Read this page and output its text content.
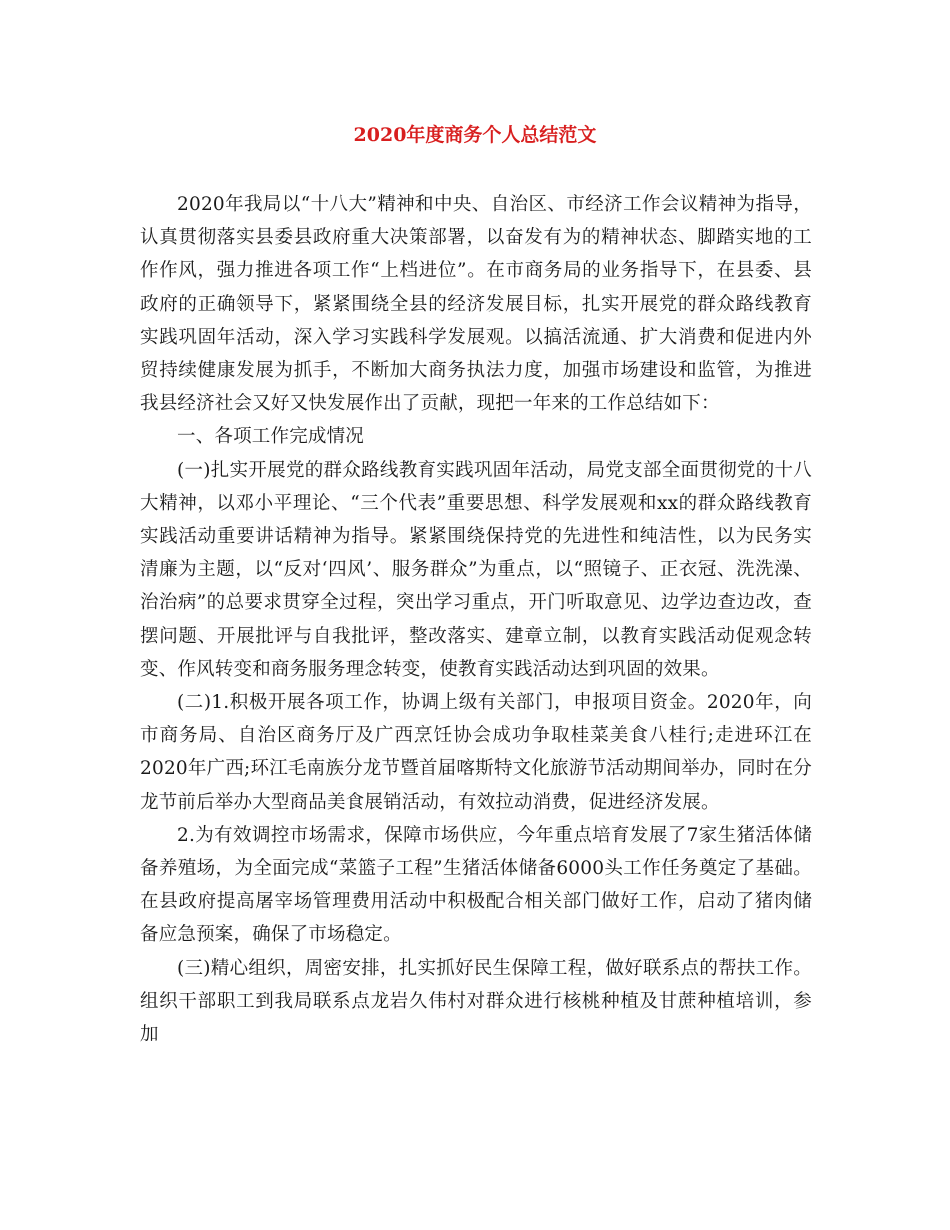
2020年度商务个人总结范文

2020年我局以“十八大”精神和中央、自治区、市经济工作会议精神为指导，认真贯彻落实县委县政府重大决策部署，以奋发有为的精神状态、脚踏实地的工作作风，强力推进各项工作“上档进位”。在市商务局的业务指导下，在县委、县政府的正确领导下，紧紧围绕全县的经济发展目标，扎实开展党的群众路线教育实践巩固年活动，深入学习实践科学发展观。以搞活流通、扩大消费和促进内外贸持续健康发展为抓手，不断加大商务执法力度，加强市场建设和监管，为推进我县经济社会又好又快发展作出了贡献，现把一年来的工作总结如下：

一、各项工作完成情况

(一)扎实开展党的群众路线教育实践巩固年活动，局党支部全面贯彻党的十八大精神，以邓小平理论、“三个代表”重要思想、科学发展观和xx的群众路线教育实践活动重要讲话精神为指导。紧紧围绕保持党的先进性和纯洁性，以为民务实清廉为主题，以“反对‘四风’、服务群众”为重点，以“照镜子、正衣冠、洗洗澡、治治病”的总要求贯穿全过程，突出学习重点，开门听取意见、边学边查边改，查摆问题、开展批评与自我批评，整改落实、建章立制，以教育实践活动促观念转变、作风转变和商务服务理念转变，使教育实践活动达到巩固的效果。

(二)1.积极开展各项工作，协调上级有关部门，申报项目资金。2020年，向市商务局、自治区商务厅及广西烹饪协会成功争取桂菜美食八桂行;走进环江在2020年广西;环江毛南族分龙节暨首届喀斯特文化旅游节活动期间举办，同时在分龙节前后举办大型商品美食展销活动，有效拉动消费，促进经济发展。

2.为有效调控市场需求，保障市场供应，今年重点培育发展了7家生猪活体储备养殖场，为全面完成“菜篮子工程”生猪活体储备6000头工作任务奠定了基础。在县政府提高屠宰场管理费用活动中积极配合相关部门做好工作，启动了猪肉储备应急预案，确保了市场稳定。

(三)精心组织，周密安排，扎实抓好民生保障工程，做好联系点的帮扶工作。组织干部职工到我局联系点龙岩久伟村对群众进行核桃种植及甘蔗种植培训，参加
